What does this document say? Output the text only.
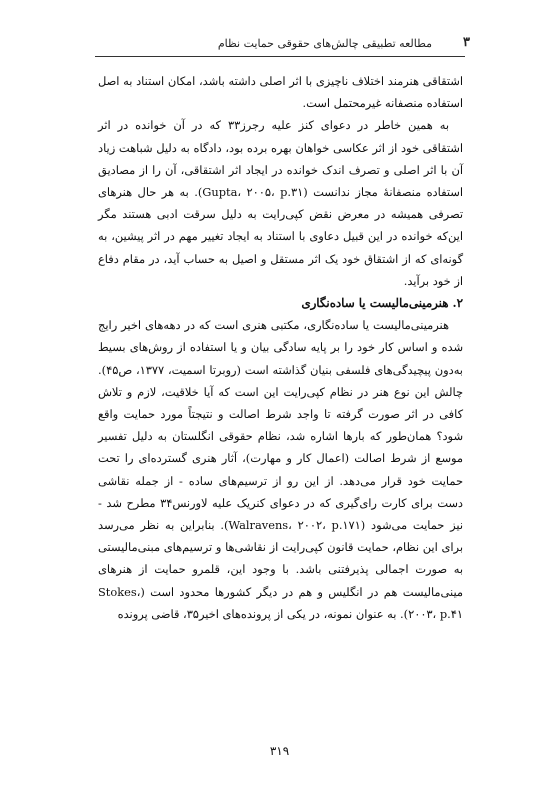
۳
مطالعه تطبیقی چالش‌های حقوقی حمایت نظام

اشتقاقی هنرمند اختلاف ناچیزی با اثر اصلی داشته باشد، امکان استناد به اصل استفاده منصفانه غیرمحتمل است.

به همین خاطر در دعوای کنز علیه رجرز۳۳ که در آن خوانده در اثر اشتقاقی خود از اثر عکاسی خواهان بهره برده بود، دادگاه به دلیل شباهت زیاد آن با اثر اصلی و تصرف اندک خوانده در ایجاد اثر اشتقاقی، آن را از مصادیق استفاده منصفانهٔ مجاز ندانست (Gupta، ۲۰۰۵، p.۳۱). به هر حال هنرهای تصرفی همیشه در معرض نقض کپی‌رایت به دلیل سرقت ادبی هستند مگر این‌که خوانده در این قبیل دعاوی با استناد به ایجاد تغییر مهم در اثر پیشین، به گونه‌ای که از اشتقاق خود یک اثر مستقل و اصیل به حساب آید، در مقام دفاع از خود برآید.

۲. هنرمینی‌مالیست یا ساده‌نگاری

هنرمینی‌مالیست یا ساده‌نگاری، مکتبی هنری است که در دهه‌های اخیر رایج شده و اساس کار خود را بر پایه سادگی بیان و یا استفاده از روش‌های بسیط به‌دون پیچیدگی‌های فلسفی بنیان گذاشته است (روبرتا اسمیت، ۱۳۷۷، ص۴۵). چالش این نوع هنر در نظام کپی‌رایت این است که آیا خلاقیت، لازم و تلاش کافی در اثر صورت گرفته تا واجد شرط اصالت و نتیجتاً مورد حمایت واقع شود؟ همان‌طور که بارها اشاره شد، نظام حقوقی انگلستان به دلیل تفسیر موسع از شرط اصالت (اعمال کار و مهارت)، آثار هنری گسترده‌ای را تحت حمایت خود قرار می‌دهد. از این رو از ترسیم‌های ساده - از جمله نقاشی دست برای کارت رای‌گیری که در دعوای کنریک علیه لاورنس۳۴ مطرح شد - نیز حمایت می‌شود (Walravens، ۲۰۰۲، p.۱۷۱). بنابراین به نظر می‌رسد برای این نظام، حمایت قانون کپی‌رایت از نقاشی‌ها و ترسیم‌های مبنی‌مالیستی به صورت اجمالی پذیرفتنی باشد. با وجود این، قلمرو حمایت از هنرهای مینی‌مالیست هم در انگلیس و هم در دیگر کشورها محدود است (Stokes، ۲۰۰۳، p.۴۱). به عنوان نمونه، در یکی از پرونده‌های اخیر۳۵، قاضی پرونده

۳۱۹
